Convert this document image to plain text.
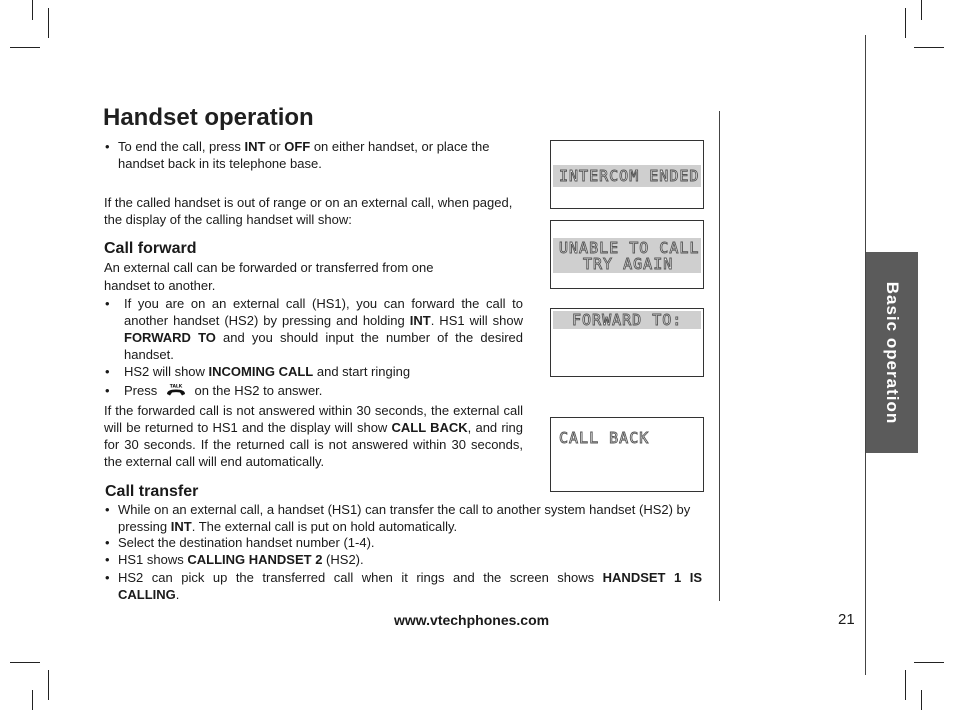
Handset operation
• To end the call, press INT or OFF on either handset, or place the handset back in its telephone base.

If the called handset is out of range or on an external call, when paged, the display of the calling handset will show:

Call forward

An external call can be forwarded or transferred from one

handset to another.

• If you are on an external call (HS1), you can forward the call to another handset (HS2) by pressing and holding INT. HS1 will show FORWARD TO and you should input the number of the desired handset.
• HS2 will show INCOMING CALL and start ringing
• Press	TALK on the HS2 to answer.

If the forwarded call is not answered within 30 seconds, the external call will be returned to HS1 and the display will show CALL BACK, and ring for 30 seconds. If the returned call is not answered within 30 seconds, the external call will end automatically.

Call transfer
• While on an external call, a handset (HS1) can transfer the call to another system handset (HS2) by pressing INT. The external call is put on hold automatically.
• Select the destination handset number (1-4).
• HS1 shows CALLING HANDSET 2 (HS2).
• HS2 can pick up the transferred call when it rings and the screen shows HANDSET 1 IS CALLING.
INTERCOM ENDED
UNABLE TO CALL
TRY AGAIN
FORWARD TO:
CALL BACK
Basic operation
www.vtechphones.com	21
